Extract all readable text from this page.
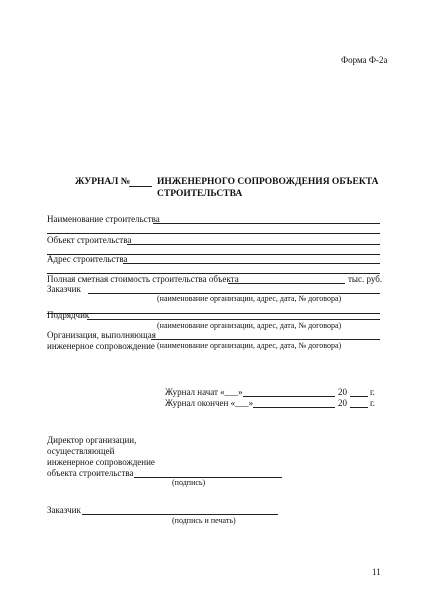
Форма Ф-2а
ЖУРНАЛ №	ИНЖЕНЕРНОГО СОПРОВОЖДЕНИЯ ОБЪЕКТА
СТРОИТЕЛЬСТВА
Наименование строительства
Объект строительства
Адрес строительства
Полная сметная стоимость строительства объекта	тыс. руб.
Заказчик
(наименование организации, адрес, дата, № договора)
Подрядчик
(наименование организации, адрес, дата, № договора)
Организация, выполняющая
инженерное сопровождение (наименование организации, адрес, дата, № договора)
Журнал начат «___»	20	г.
Журнал окончен «___»	20	г.
Директор организации,
осуществляющей
инженерное сопровождение
объекта строительства
(подпись)
Заказчик
(подпись и печать)
11
